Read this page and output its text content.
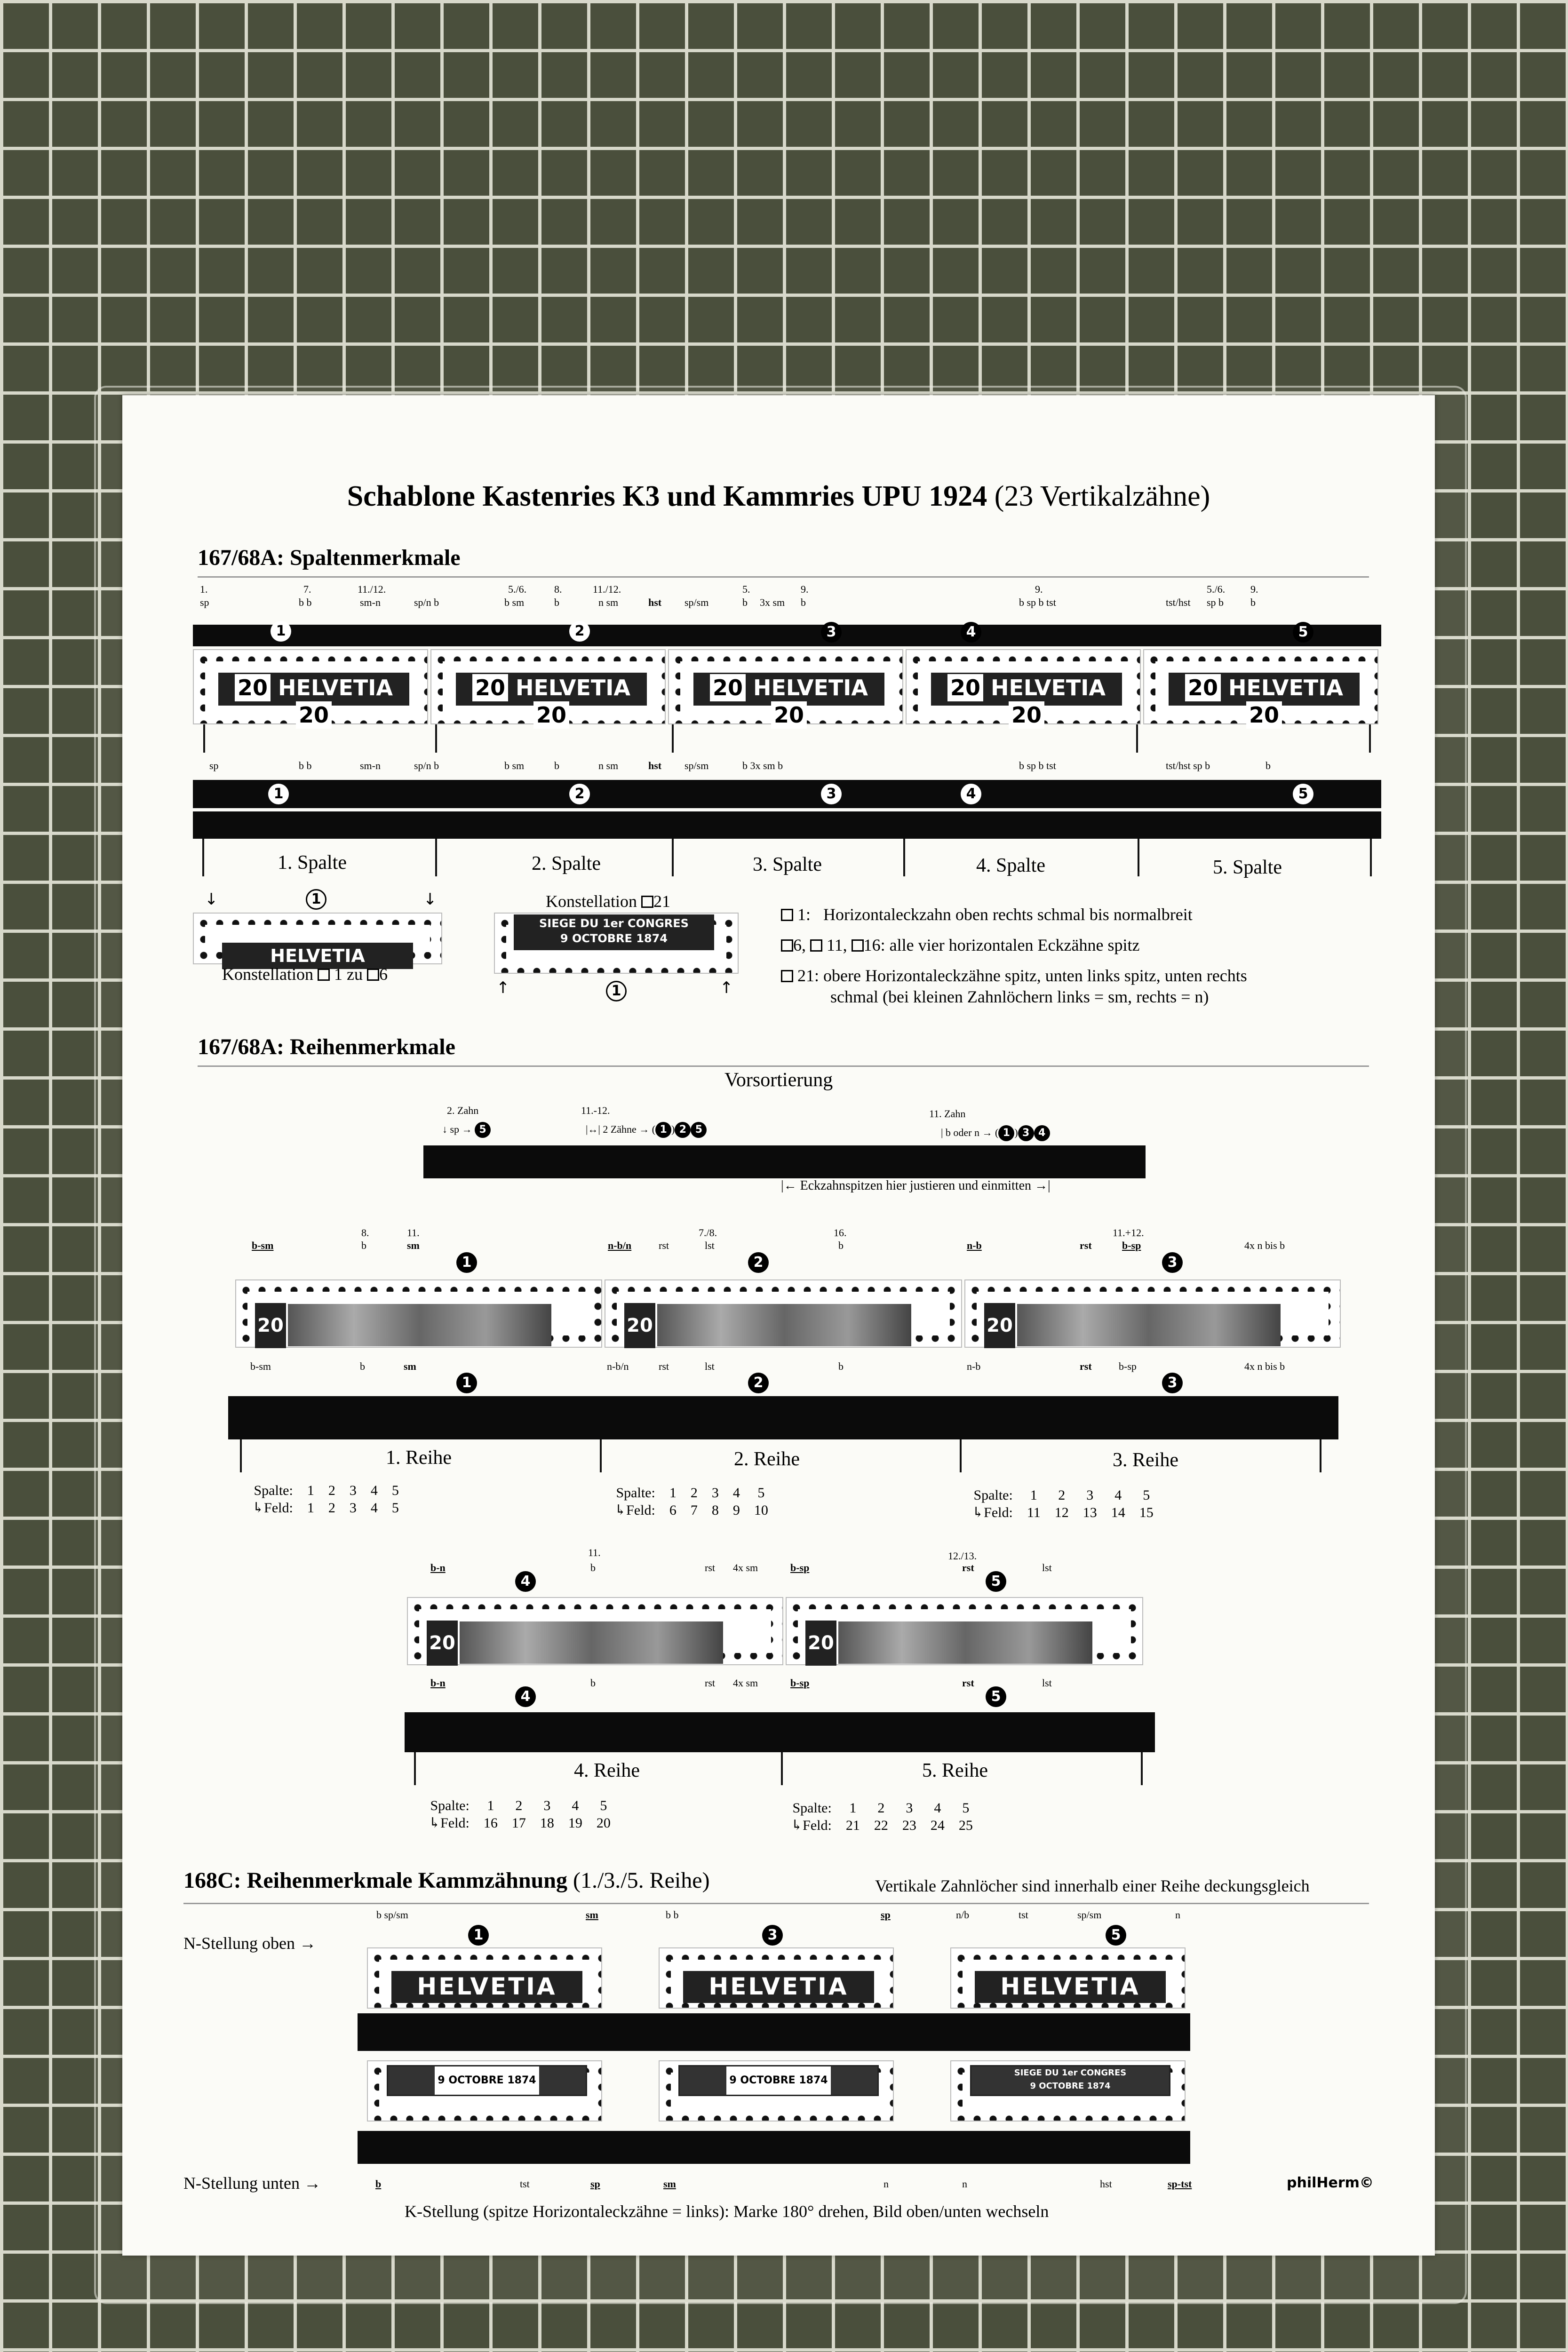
Schablone Kastenries K3 und Kammries UPU 1924 (23 Vertikalzähne)
167/68A: Spaltenmerkmale
1.
sp
7.
b b
11./12.
sm-n	sp/n b
5./6.
b sm
8.
b
11./12.
n sm	hst sp/sm
5.
b 3x sm
9.
b
9.
b sp b tst
5./6.
tst/hst sp b
9.
b
1	2	3	4	5
20 HELVETIA 20
20 HELVETIA 20
20 HELVETIA 20
20 HELVETIA 20
20 HELVETIA 20
sp	b b	sm-n	sp/n b	b sm	b	n sm	hst sp/sm	b 3x sm b	b sp b tst	tst/hst sp b	b
1	2	3	4	5
1. Spalte	2. Spalte	3. Spalte	4. Spalte	5. Spalte
↓	1	↓
HELVETIA
Konstellation 1 zu 6
Konstellation 21
SIEGE DU 1er CONGRES
9 OCTOBRE 1874
↑	1	↑
1: Horizontaleckzahn oben rechts schmal bis normalbreit
6, 11, 16: alle vier horizontalen Eckzähne spitz
21: obere Horizontaleckzähne spitz, unten links spitz, unten rechts
schmal (bei kleinen Zahnlöchern links = sm, rechts = n)
167/68A: Reihenmerkmale
Vorsortierung
2. Zahn
↓ sp → 5
11.-12.
|↔| 2 Zähne → ( 1 ) 2 5
11. Zahn
| b oder n → ( 1 ) 3 4
|← Eckzahnspitzen hier justieren und einmitten →|
b-sm
8.
b
11.
sm
1
n-b/n	rst
7./8.
lst
2
16.
b	n-b	rst
11.+12.
b-sp
3
4x n bis b
20	20	20
b-sm	b	sm
1
n-b/n	rst	lst
2
b	n-b	rst	b-sp
3
4x n bis b
1. Reihe	2. Reihe	3. Reihe
Spalte:	1	2	3	4	5
↳Feld:	1	2	3	4	5
Spalte:	1	2	3	4	5
↳Feld:	6	7	8	9	10
Spalte:	1	2	3	4	5
↳Feld:	11	12	13	14	15
b-n
4
11.
b	rst 4x sm	b-sp
12./13.
rst
5
lst
20	20
b-n
4
b	rst 4x sm	b-sp	rst
5
lst
4. Reihe	5. Reihe
Spalte:	1	2	3	4	5
↳Feld:	16	17	18	19	20
Spalte:	1	2	3	4	5
↳Feld:	21	22	23	24	25
168C: Reihenmerkmale Kammzähnung (1./3./5. Reihe)	Vertikale Zahnlöcher sind innerhalb einer Reihe deckungsgleich
N-Stellung oben →
b sp/sm
1
sm	b b
3
sp	n/b	tst	sp/sm
5
n
HELVETIA	HELVETIA	HELVETIA
9 OCTOBRE 1874	9 OCTOBRE 1874
SIEGE DU 1er CONGRES
9 OCTOBRE 1874
N-Stellung unten →	b	tst	sp	sm	n	n	hst	sp-tst	philHerm©
K-Stellung (spitze Horizontaleckzähne = links): Marke 180° drehen, Bild oben/unten wechseln
